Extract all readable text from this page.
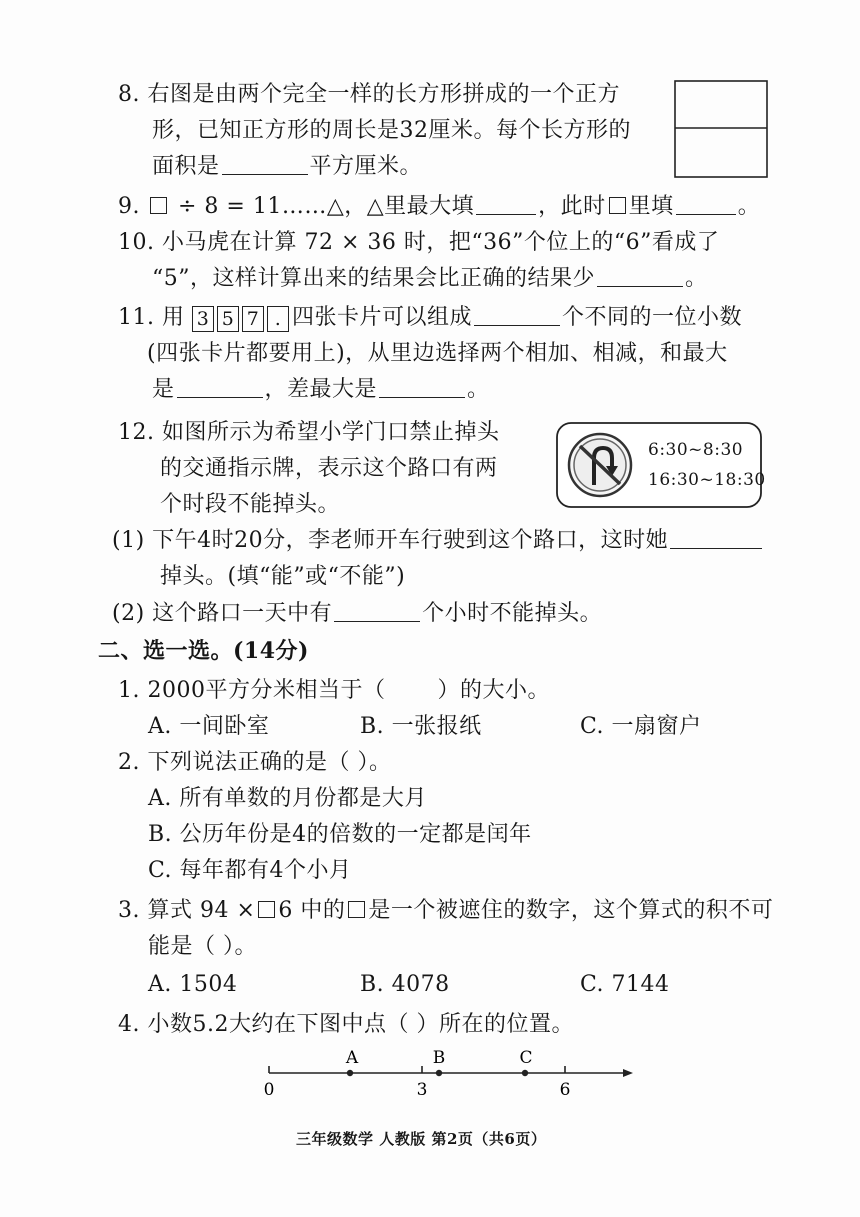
8. 右图是由两个完全一样的长方形拼成的一个正方
形，已知正方形的周长是32厘米。每个长方形的
面积是	平方厘米。
9.  ÷ 8 = 11……△，△里最大填	，此时 里填	。
10. 小马虎在计算 72 × 36 时，把“36”个位上的“6”看成了
“5”，这样计算出来的结果会比正确的结果少	。
11. 用 3 5 7 . 四张卡片可以组成	个不同的一位小数
(四张卡片都要用上)，从里边选择两个相加、相减，和最大
是	，差最大是	。
12. 如图所示为希望小学门口禁止掉头
的交通指示牌，表示这个路口有两
个时段不能掉头。
6:30~8:30
16:30~18:30
(1) 下午4时20分，李老师开车行驶到这个路口，这时她
掉头。(填“能”或“不能”)
(2) 这个路口一天中有	个小时不能掉头。
二、选一选。(14分)
1. 2000平方分米相当于（ ）的大小。
A. 一间卧室	B. 一张报纸	C. 一扇窗户
2. 下列说法正确的是（ ）。
A. 所有单数的月份都是大月
B. 公历年份是4的倍数的一定都是闰年
C. 每年都有4个小月
3. 算式 94 × 6 中的 是一个被遮住的数字，这个算式的积不可
能是（ ）。
A. 1504	B. 4078	C. 7144
4. 小数5.2大约在下图中点（ ）所在的位置。
A	B	C
0	3	6
三年级数学 人教版 第2页（共6页）
